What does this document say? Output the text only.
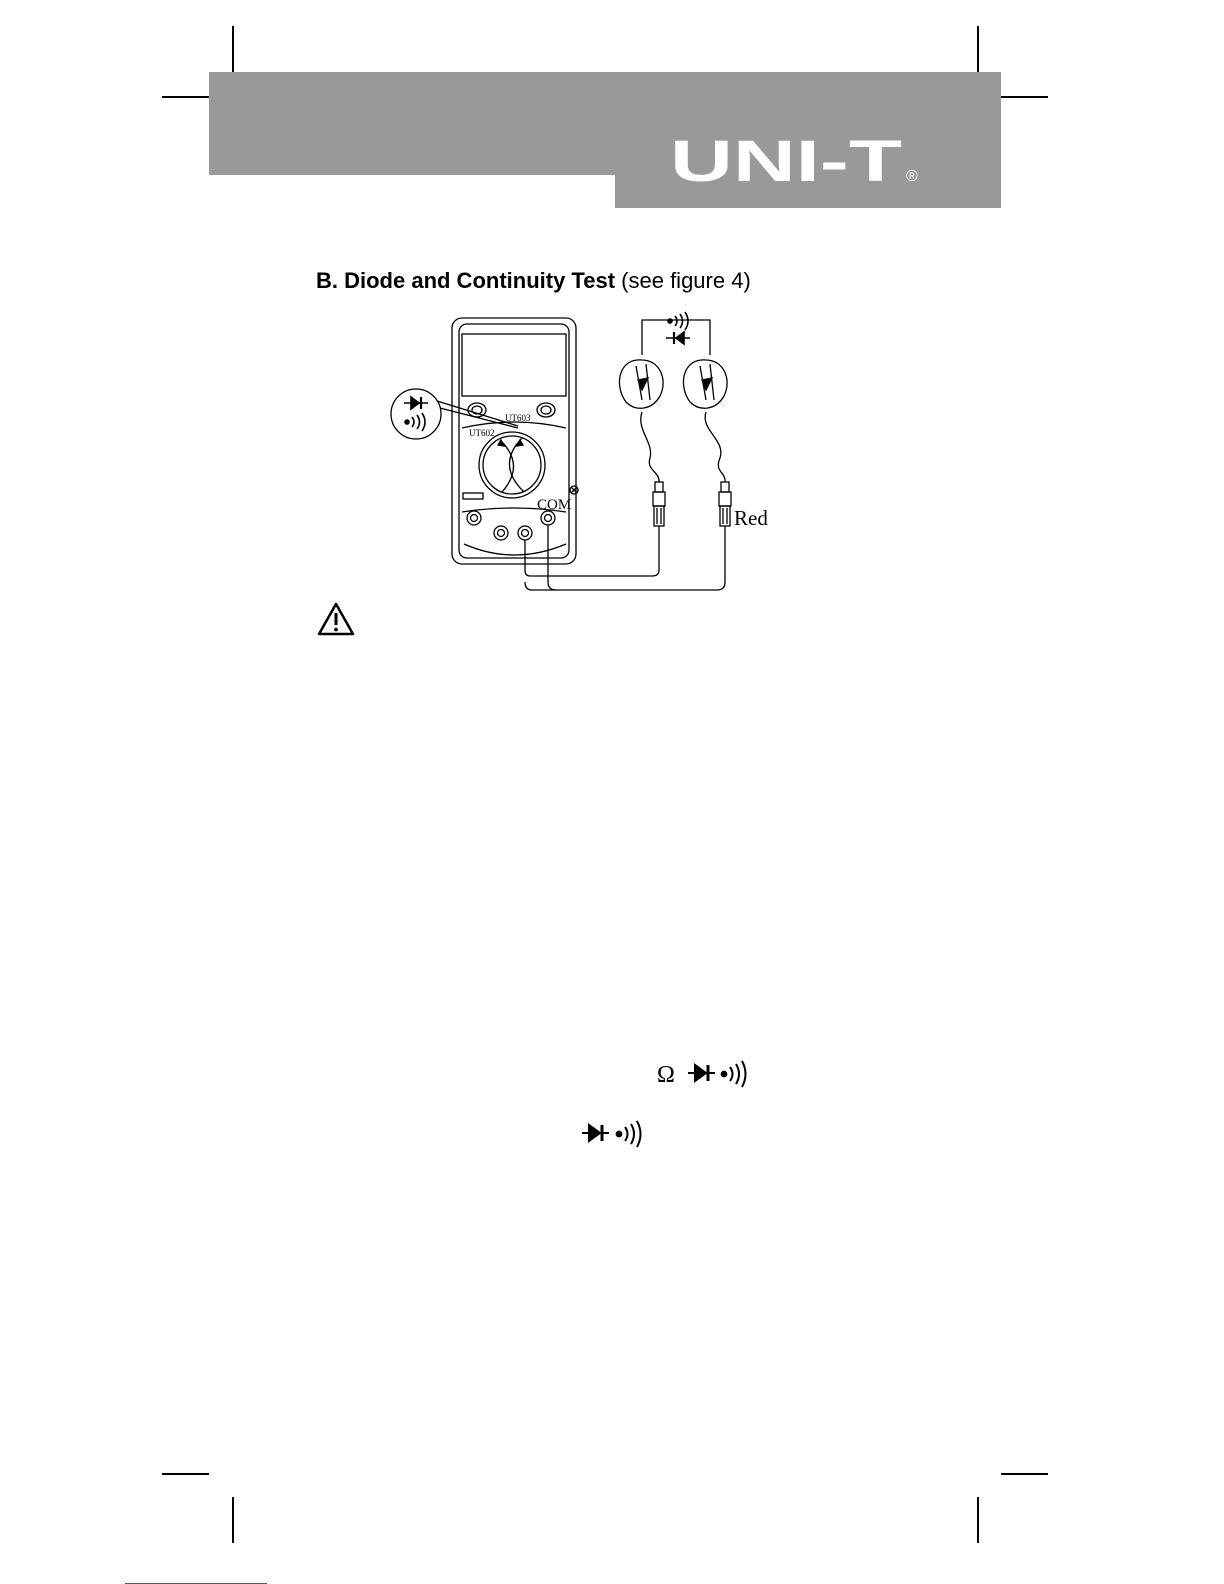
UNI-T ®
B. Diode and Continuity Test (see figure 4)
UT603
UT602
COM
Red
Ω
